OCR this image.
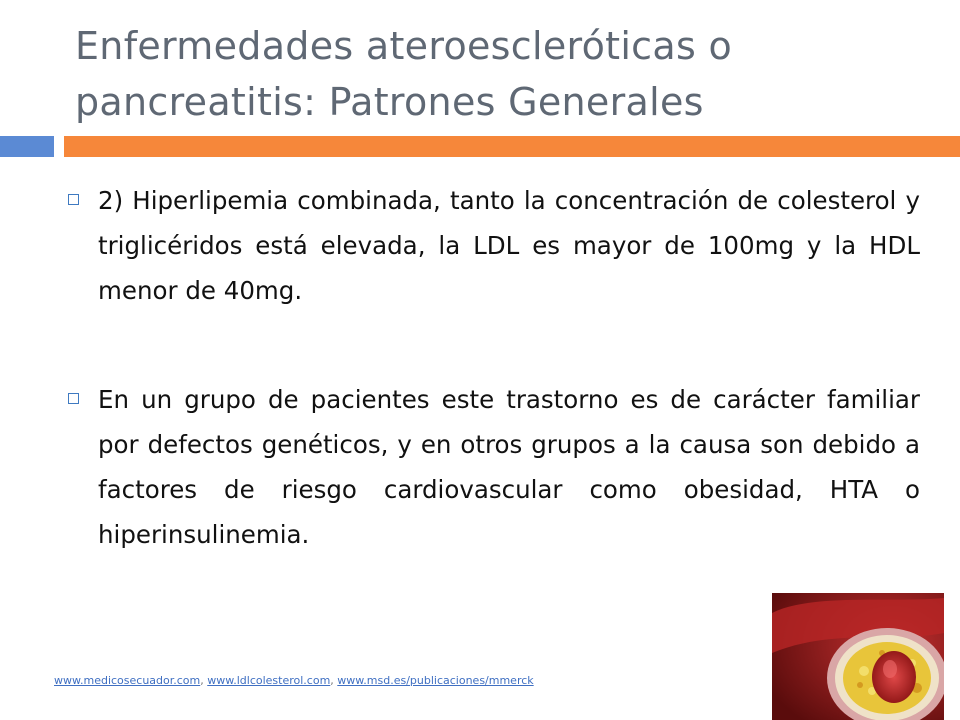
Enfermedades ateroescleróticas o
pancreatitis: Patrones Generales
2) Hiperlipemia combinada, tanto la concentración de colesterol y triglicéridos está elevada, la LDL es mayor de 100mg y la HDL menor de 40mg.
En un grupo de pacientes este trastorno es de carácter familiar por defectos genéticos, y en otros grupos a la causa son debido a factores de riesgo cardiovascular como obesidad, HTA o hiperinsulinemia.
www.medicosecuador.com, www.ldlcolesterol.com, www.msd.es/publicaciones/mmerck
